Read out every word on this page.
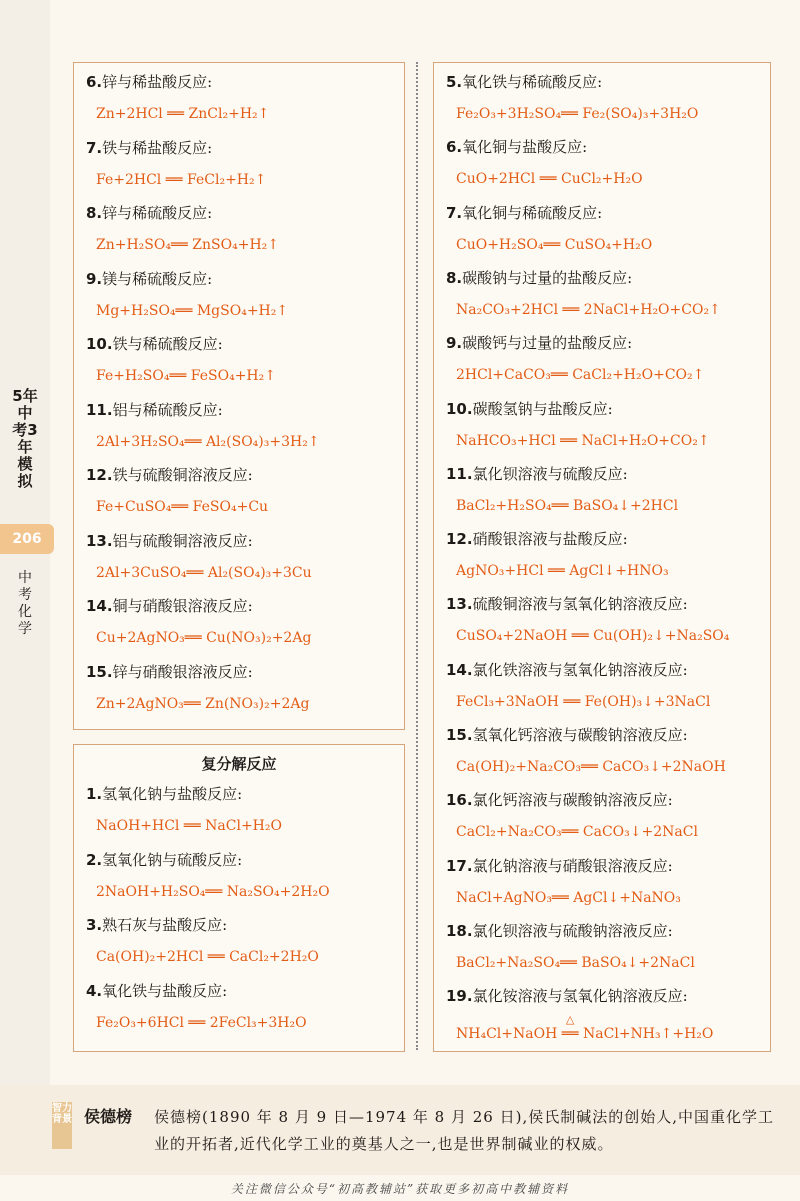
5年中考3年模拟
206
中考化学
6.锌与稀盐酸反应:
Zn+2HCl ══ ZnCl₂+H₂↑
7.铁与稀盐酸反应:
Fe+2HCl ══ FeCl₂+H₂↑
8.锌与稀硫酸反应:
Zn+H₂SO₄══ ZnSO₄+H₂↑
9.镁与稀硫酸反应:
Mg+H₂SO₄══ MgSO₄+H₂↑
10.铁与稀硫酸反应:
Fe+H₂SO₄══ FeSO₄+H₂↑
11.铝与稀硫酸反应:
2Al+3H₂SO₄══ Al₂(SO₄)₃+3H₂↑
12.铁与硫酸铜溶液反应:
Fe+CuSO₄══ FeSO₄+Cu
13.铝与硫酸铜溶液反应:
2Al+3CuSO₄══ Al₂(SO₄)₃+3Cu
14.铜与硝酸银溶液反应:
Cu+2AgNO₃══ Cu(NO₃)₂+2Ag
15.锌与硝酸银溶液反应:
Zn+2AgNO₃══ Zn(NO₃)₂+2Ag
复分解反应
1.氢氧化钠与盐酸反应:
NaOH+HCl ══ NaCl+H₂O
2.氢氧化钠与硫酸反应:
2NaOH+H₂SO₄══ Na₂SO₄+2H₂O
3.熟石灰与盐酸反应:
Ca(OH)₂+2HCl ══ CaCl₂+2H₂O
4.氧化铁与盐酸反应:
Fe₂O₃+6HCl ══ 2FeCl₃+3H₂O
5.氧化铁与稀硫酸反应:
Fe₂O₃+3H₂SO₄══ Fe₂(SO₄)₃+3H₂O
6.氧化铜与盐酸反应:
CuO+2HCl ══ CuCl₂+H₂O
7.氧化铜与稀硫酸反应:
CuO+H₂SO₄══ CuSO₄+H₂O
8.碳酸钠与过量的盐酸反应:
Na₂CO₃+2HCl ══ 2NaCl+H₂O+CO₂↑
9.碳酸钙与过量的盐酸反应:
2HCl+CaCO₃══ CaCl₂+H₂O+CO₂↑
10.碳酸氢钠与盐酸反应:
NaHCO₃+HCl ══ NaCl+H₂O+CO₂↑
11.氯化钡溶液与硫酸反应:
BaCl₂+H₂SO₄══ BaSO₄↓+2HCl
12.硝酸银溶液与盐酸反应:
AgNO₃+HCl ══ AgCl↓+HNO₃
13.硫酸铜溶液与氢氧化钠溶液反应:
CuSO₄+2NaOH ══ Cu(OH)₂↓+Na₂SO₄
14.氯化铁溶液与氢氧化钠溶液反应:
FeCl₃+3NaOH ══ Fe(OH)₃↓+3NaCl
15.氢氧化钙溶液与碳酸钠溶液反应:
Ca(OH)₂+Na₂CO₃══ CaCO₃↓+2NaOH
16.氯化钙溶液与碳酸钠溶液反应:
CaCl₂+Na₂CO₃══ CaCO₃↓+2NaCl
17.氯化钠溶液与硝酸银溶液反应:
NaCl+AgNO₃══ AgCl↓+NaNO₃
18.氯化钡溶液与硫酸钠溶液反应:
BaCl₂+Na₂SO₄══ BaSO₄↓+2NaCl
19.氯化铵溶液与氢氧化钠溶液反应:
NH₄Cl+NaOH
△
══ NaCl+NH₃↑+H₂O
智力背景 侯德榜 侯德榜(1890 年 8 月 9 日—1974 年 8 月 26 日),侯氏制碱法的创始人,中国重化学工业的开拓者,近代化学工业的奠基人之一,也是世界制碱业的权威。
关注微信公众号“初高教辅站”获取更多初高中教辅资料
